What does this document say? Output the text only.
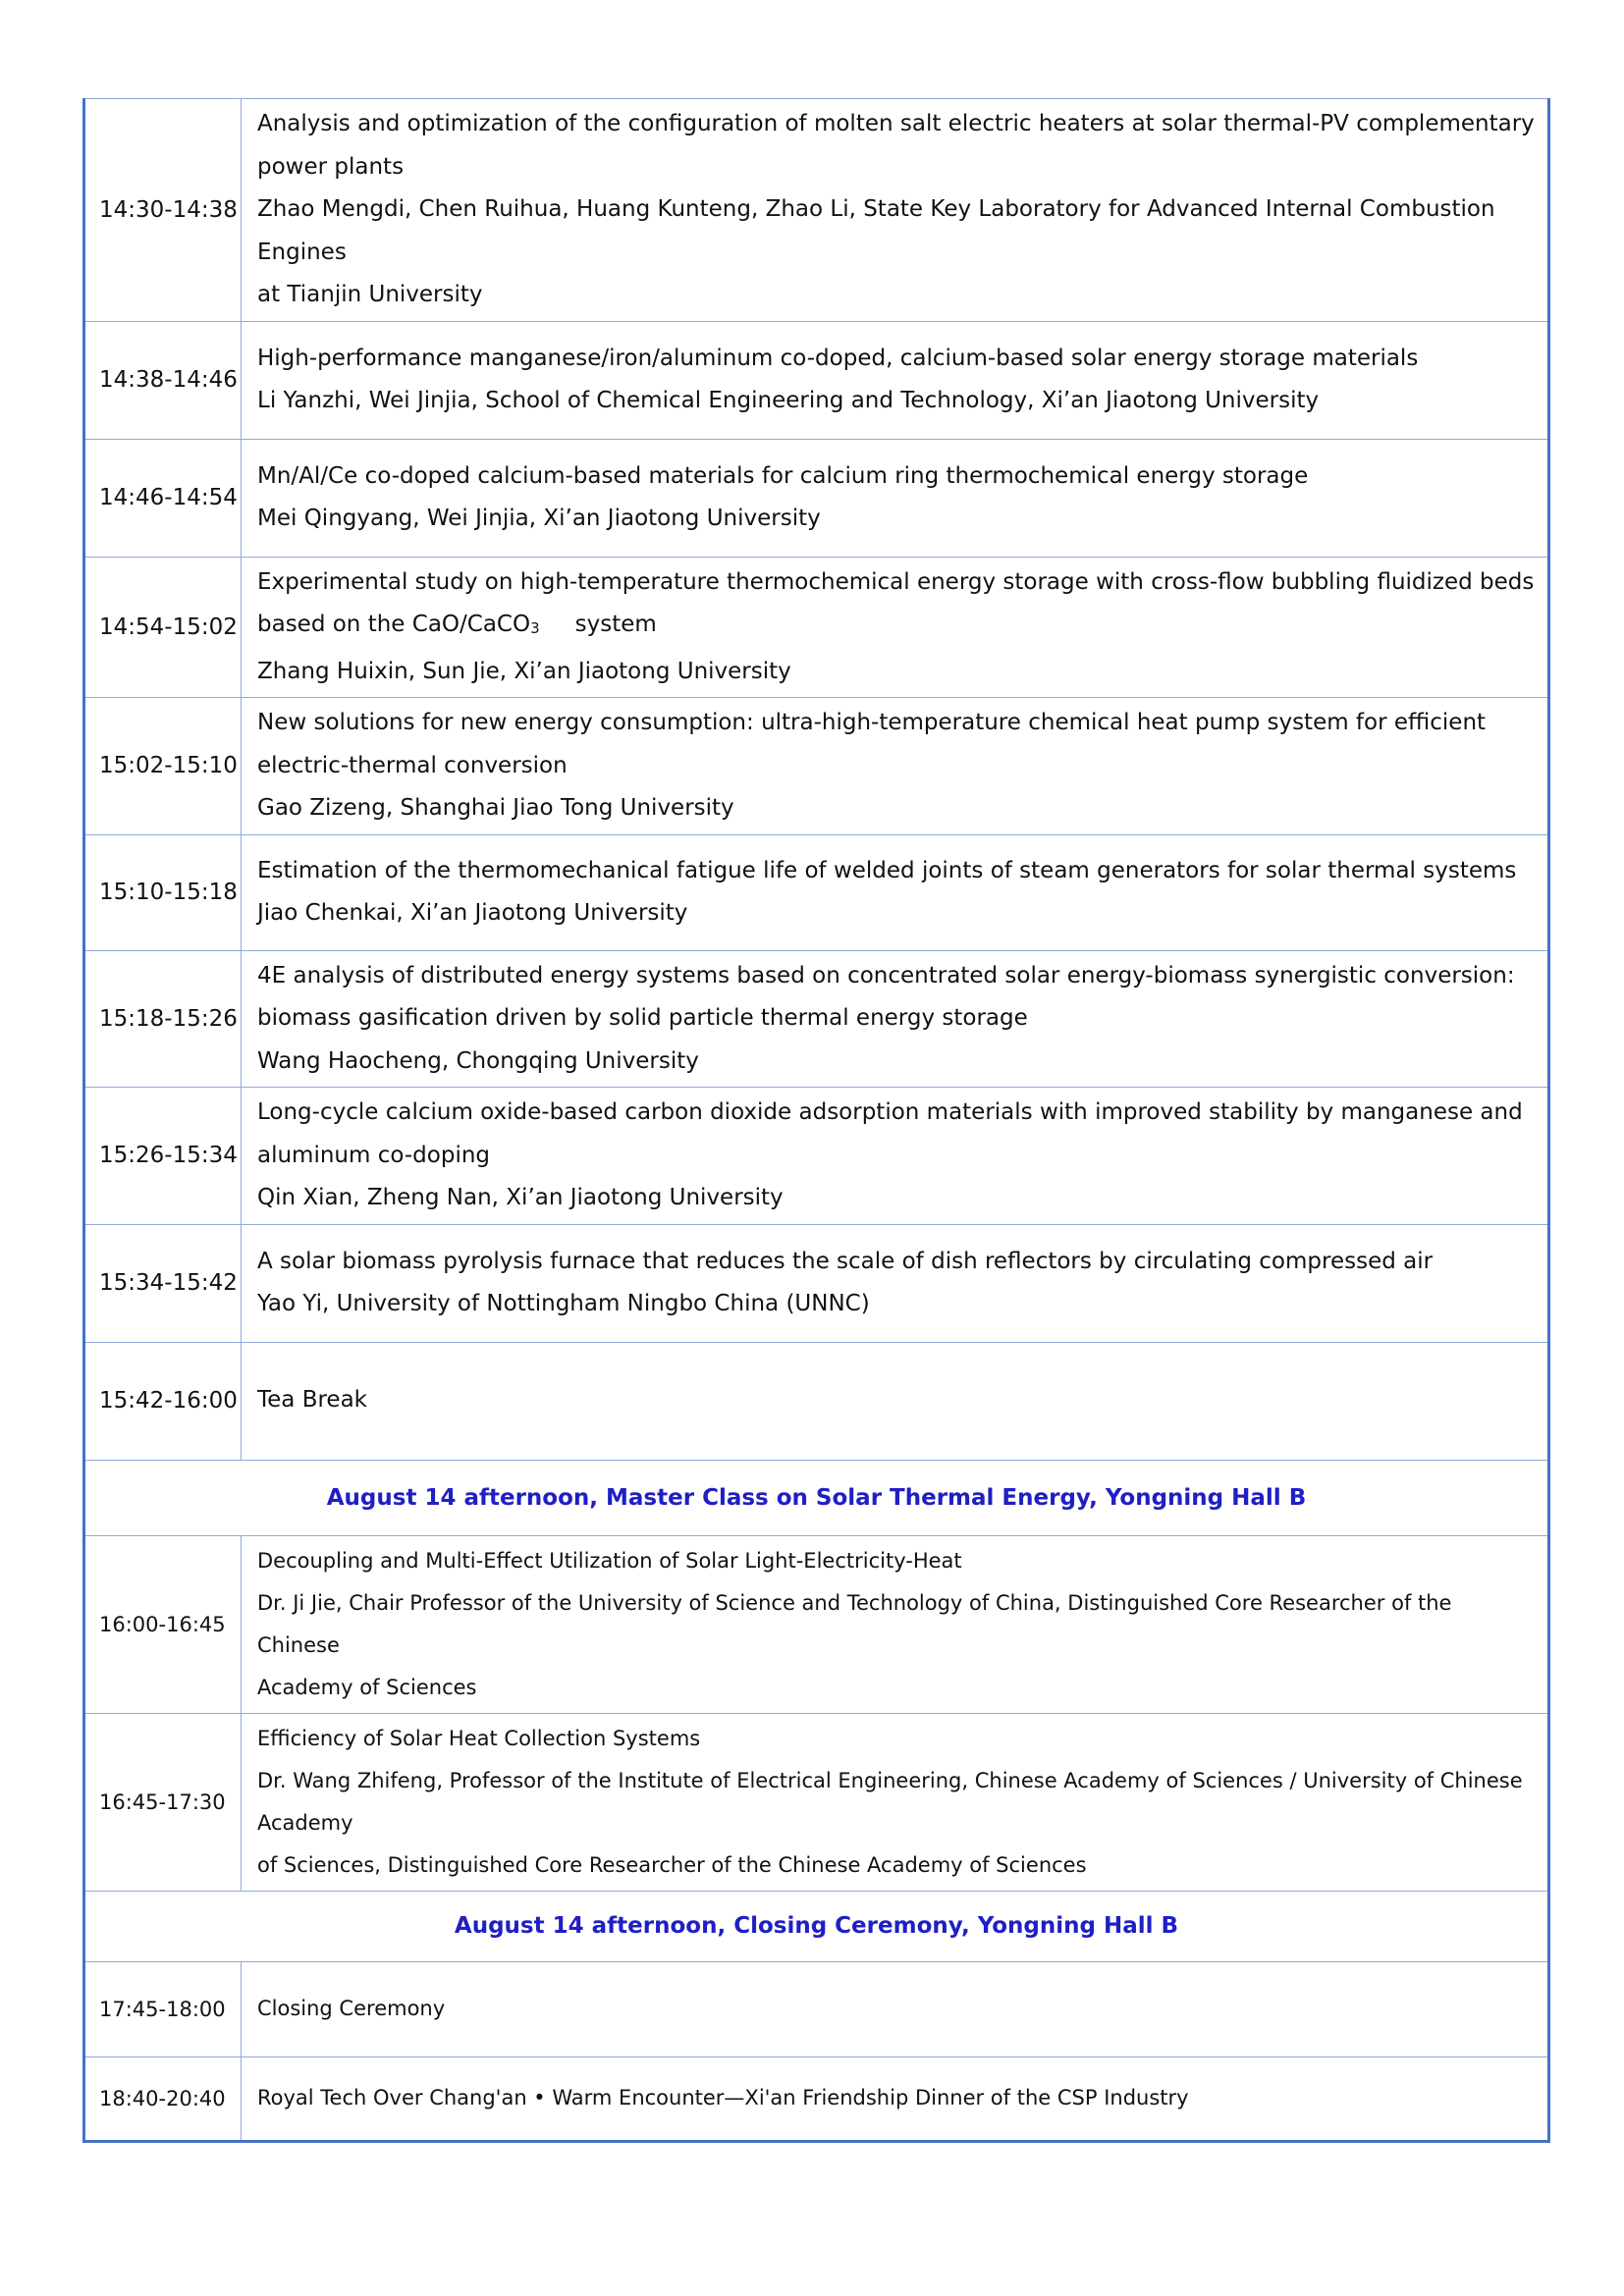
14:30-14:38	Analysis and optimization of the configuration of molten salt electric heaters at solar thermal-PV complementary
power plants
Zhao Mengdi, Chen Ruihua, Huang Kunteng, Zhao Li, State Key Laboratory for Advanced Internal Combustion Engines
at Tianjin University

14:38-14:46	High-performance manganese/iron/aluminum co-doped, calcium-based solar energy storage materials
Li Yanzhi, Wei Jinjia, School of Chemical Engineering and Technology, Xi’an Jiaotong University

14:46-14:54	Mn/Al/Ce co-doped calcium-based materials for calcium ring thermochemical energy storage
Mei Qingyang, Wei Jinjia, Xi’an Jiaotong University

14:54-15:02	Experimental study on high-temperature thermochemical energy storage with cross-flow bubbling fluidized beds
based on the CaO/CaCO3 system
Zhang Huixin, Sun Jie, Xi’an Jiaotong University

15:02-15:10	New solutions for new energy consumption: ultra-high-temperature chemical heat pump system for efficient
electric-thermal conversion
Gao Zizeng, Shanghai Jiao Tong University

15:10-15:18	Estimation of the thermomechanical fatigue life of welded joints of steam generators for solar thermal systems
Jiao Chenkai, Xi’an Jiaotong University

15:18-15:26	4E analysis of distributed energy systems based on concentrated solar energy-biomass synergistic conversion:
biomass gasification driven by solid particle thermal energy storage
Wang Haocheng, Chongqing University

15:26-15:34	Long-cycle calcium oxide-based carbon dioxide adsorption materials with improved stability by manganese and
aluminum co-doping
Qin Xian, Zheng Nan, Xi’an Jiaotong University

15:34-15:42	A solar biomass pyrolysis furnace that reduces the scale of dish reflectors by circulating compressed air
Yao Yi, University of Nottingham Ningbo China (UNNC)

15:42-16:00	Tea Break

August 14 afternoon, Master Class on Solar Thermal Energy, Yongning Hall B	
16:00-16:45	Decoupling and Multi-Effect Utilization of Solar Light-Electricity-Heat
Dr. Ji Jie, Chair Professor of the University of Science and Technology of China, Distinguished Core Researcher of the Chinese
Academy of Sciences

16:45-17:30	Efficiency of Solar Heat Collection Systems
Dr. Wang Zhifeng, Professor of the Institute of Electrical Engineering, Chinese Academy of Sciences / University of Chinese Academy
of Sciences, Distinguished Core Researcher of the Chinese Academy of Sciences

August 14 afternoon, Closing Ceremony, Yongning Hall B	
17:45-18:00	Closing Ceremony

18:40-20:40	Royal Tech Over Chang'an • Warm Encounter—Xi'an Friendship Dinner of the CSP Industry
